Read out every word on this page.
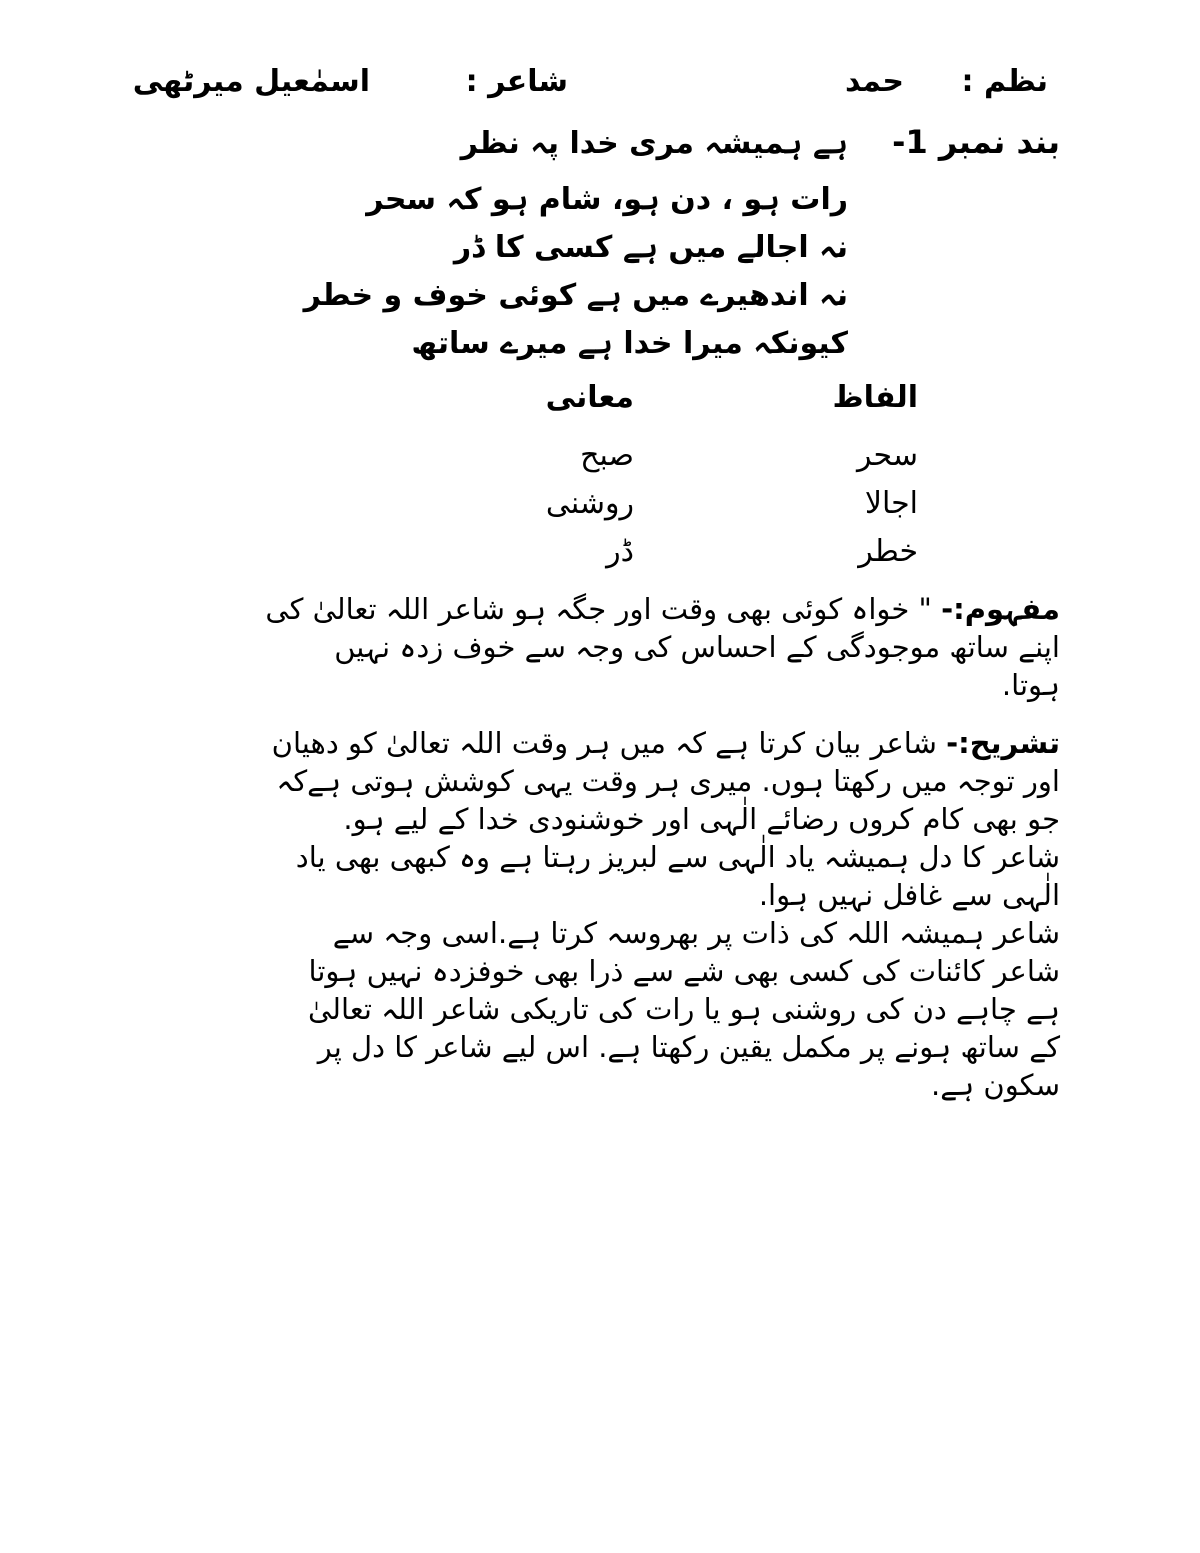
نظم :
حمد
شاعر :
اسمٰعیل میرٹھی
بند نمبر 1-
ہے ہمیشہ مری خدا پہ نظر
رات ہو ، دن ہو، شام ہو کہ سحر
نہ اجالے میں ہے کسی کا ڈر
نہ اندھیرے میں ہے کوئی خوف و خطر
کیونکہ میرا خدا ہے میرے ساتھ
الفاظ
معانی
سحر
صبح
اجالا
روشنی
خطر
ڈر
مفہوم:- " خواہ کوئی بھی وقت اور جگہ ہو شاعر اللہ تعالیٰ کی
اپنے ساتھ موجودگی کے احساس کی وجہ سے خوف زدہ نہیں
ہوتا.
تشریح:- شاعر بیان کرتا ہے کہ میں ہر وقت اللہ تعالیٰ کو دھیان
اور توجہ میں رکھتا ہوں. میری ہر وقت یہی کوشش ہوتی ہےکہ
جو بھی کام کروں رضائے الٰہی اور خوشنودی خدا کے لیے ہو.
شاعر کا دل ہمیشہ یاد الٰہی سے لبریز رہتا ہے وہ کبھی بھی یاد
الٰہی سے غافل نہیں ہوا.
شاعر ہمیشہ اللہ کی ذات پر بھروسہ کرتا ہے.اسی وجہ سے
شاعر کائنات کی کسی بھی شے سے ذرا بھی خوفزدہ نہیں ہوتا
ہے چاہے دن کی روشنی ہو یا رات کی تاریکی شاعر اللہ تعالیٰ
کے ساتھ ہونے پر مکمل یقین رکھتا ہے. اس لیے شاعر کا دل پر
سکون ہے.
